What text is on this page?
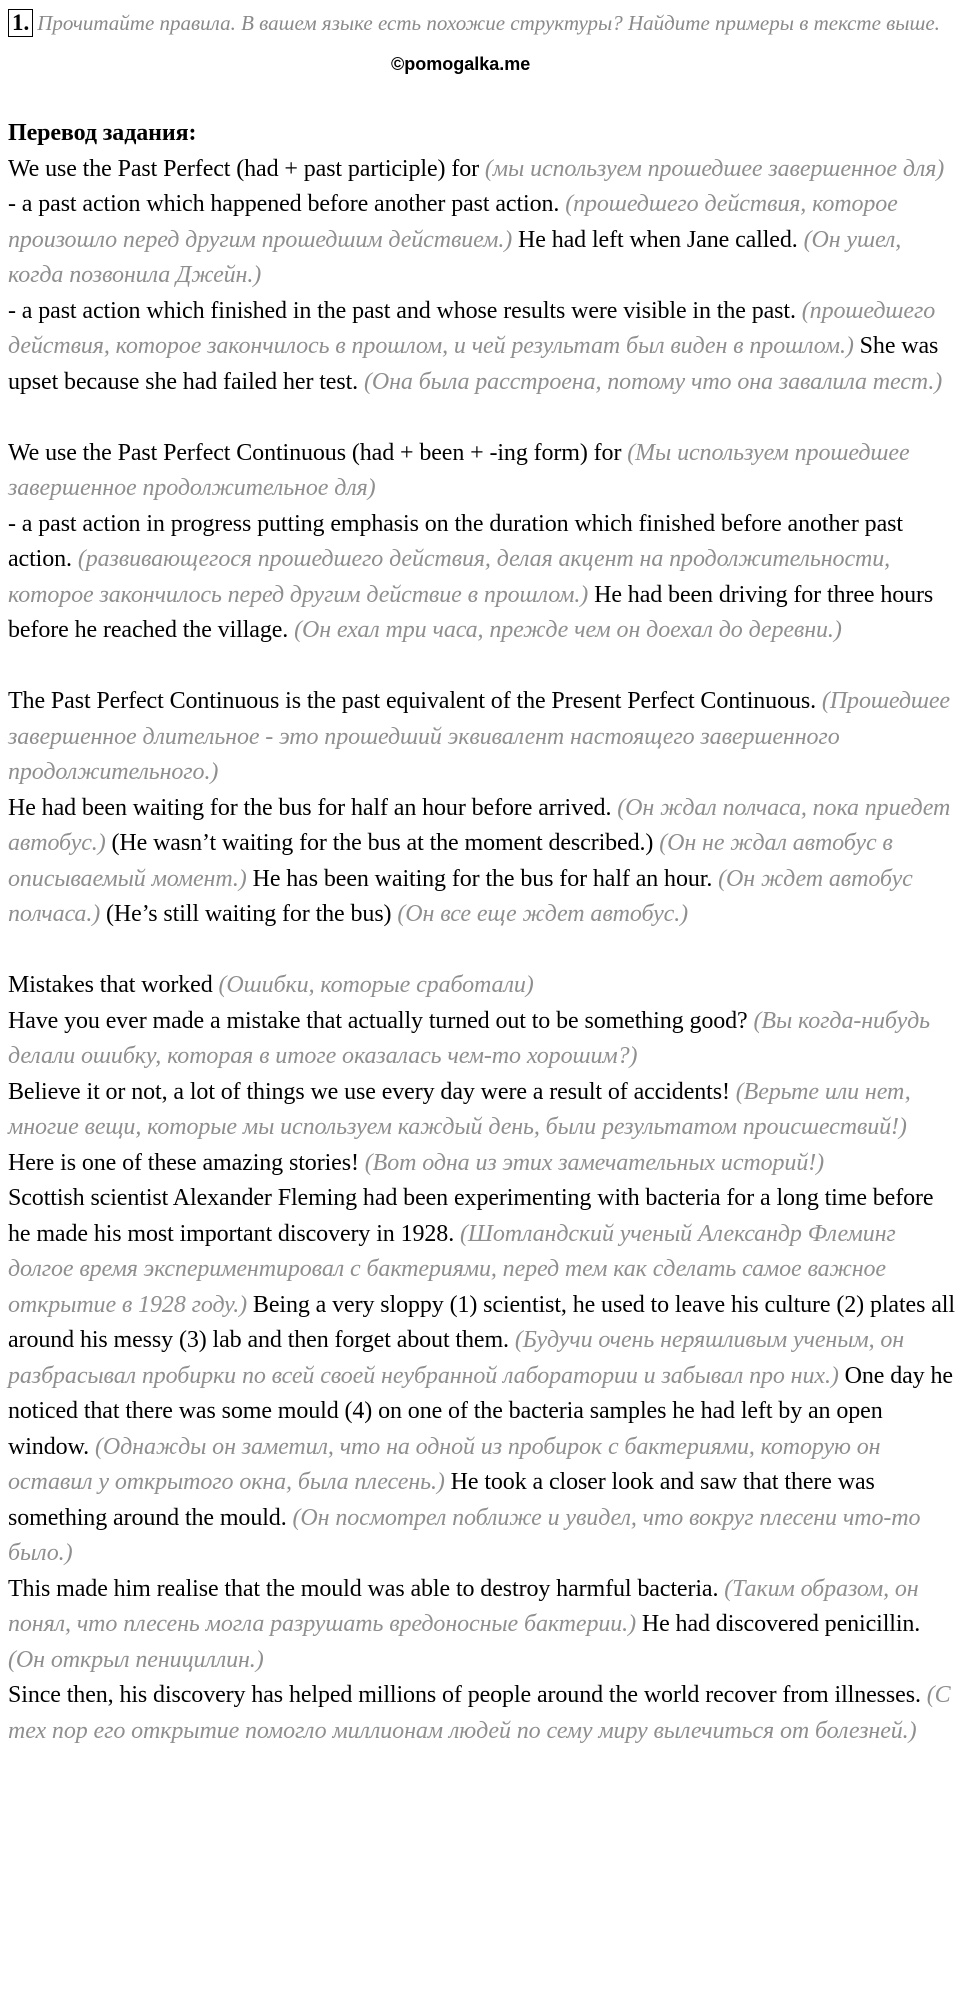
1. Прочитайте правила. В вашем языке есть похожие структуры? Найдите примеры в тексте выше.
©pomogalka.me

Перевод задания:

We use the Past Perfect (had + past participle) for (мы используем прошедшее завершенное для)

- a past action which happened before another past action. (прошедшего действия, которое произошло перед другим прошедшим действием.) He had left when Jane called. (Он ушел, когда позвонила Джейн.)

- a past action which finished in the past and whose results were visible in the past. (прошедшего действия, которое закончилось в прошлом, и чей результат был виден в прошлом.) She was upset because she had failed her test. (Она была расстроена, потому что она завалила тест.)

We use the Past Perfect Continuous (had + been + -ing form) for (Мы используем прошедшее завершенное продолжительное для)

- a past action in progress putting emphasis on the duration which finished before another past action. (развивающегося прошедшего действия, делая акцент на продолжительности, которое закончилось перед другим действие в прошлом.) He had been driving for three hours before he reached the village. (Он ехал три часа, прежде чем он доехал до деревни.)

The Past Perfect Continuous is the past equivalent of the Present Perfect Continuous. (Прошедшее завершенное длительное - это прошедший эквивалент настоящего завершенного продолжительного.)

He had been waiting for the bus for half an hour before arrived. (Он ждал полчаса, пока приедет автобус.) (He wasn’t waiting for the bus at the moment described.) (Он не ждал автобус в описываемый момент.) He has been waiting for the bus for half an hour. (Он ждет автобус полчаса.) (He’s still waiting for the bus) (Он все еще ждет автобус.)

Mistakes that worked (Ошибки, которые сработали)

Have you ever made a mistake that actually turned out to be something good? (Вы когда-нибудь делали ошибку, которая в итоге оказалась чем-то хорошим?)

Believe it or not, a lot of things we use every day were a result of accidents! (Верьте или нет, многие вещи, которые мы используем каждый день, были результатом происшествий!) Here is one of these amazing stories! (Вот одна из этих замечательных историй!)

Scottish scientist Alexander Fleming had been experimenting with bacteria for a long time before he made his most important discovery in 1928. (Шотландский ученый Александр Флеминг долгое время экспериментировал с бактериями, перед тем как сделать самое важное открытие в 1928 году.) Being a very sloppy (1) scientist, he used to leave his culture (2) plates all around his messy (3) lab and then forget about them. (Будучи очень неряшливым ученым, он разбрасывал пробирки по всей своей неубранной лаборатории и забывал про них.) One day he noticed that there was some mould (4) on one of the bacteria samples he had left by an open window. (Однажды он заметил, что на одной из пробирок с бактериями, которую он оставил у открытого окна, была плесень.) He took a closer look and saw that there was something around the mould. (Он посмотрел поближе и увидел, что вокруг плесени что-то было.)

This made him realise that the mould was able to destroy harmful bacteria. (Таким образом, он понял, что плесень могла разрушать вредоносные бактерии.) He had discovered penicillin. (Он открыл пенициллин.)

Since then, his discovery has helped millions of people around the world recover from illnesses. (С тех пор его открытие помогло миллионам людей по сему миру вылечиться от болезней.)
